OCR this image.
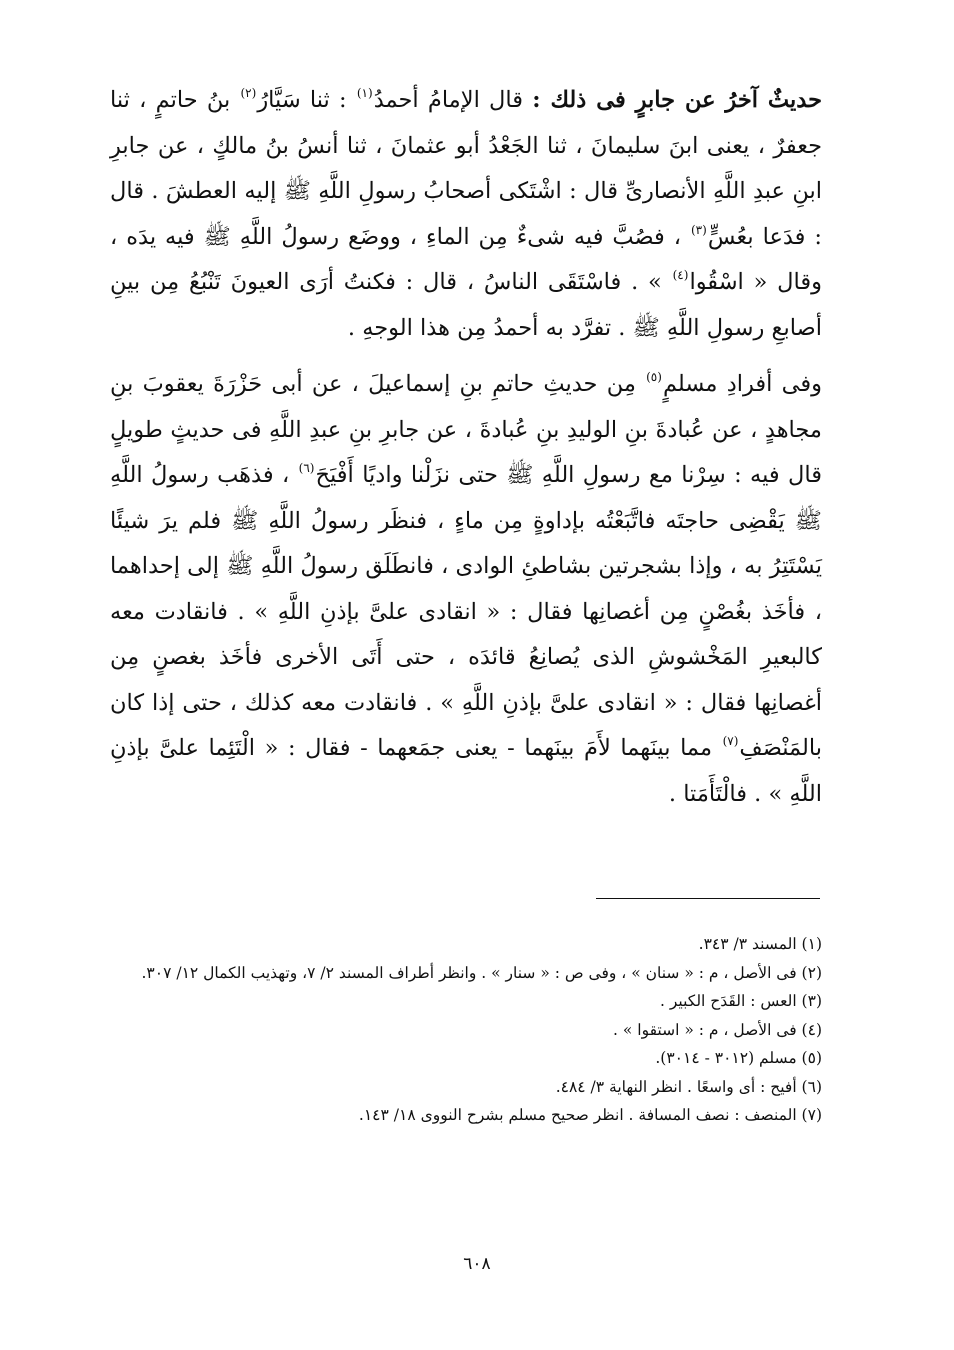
حديثٌ آخرُ عن جابرٍ فى ذلك : قال الإمامُ أحمدُ$^{(١)}$ : ثنا سَيَّارُ$^{(٢)}$ بنُ حاتمٍ ، ثنا جعفرٌ ، يعنى ابنَ سليمانَ ، ثنا الجَعْدُ أبو عثمانَ ، ثنا أنسُ بنُ مالكٍ ، عن جابرِ ابنِ عبدِ اللَّهِ الأنصارىِّ قال : اشْتَكى أصحابُ رسولِ اللَّهِ ﷺ إليه العطشَ . قال : فدَعا بعُسٍّ$^{(٣)}$ ، فصُبَّ فيه شىءٌ مِن الماءِ ، ووضَع رسولُ اللَّهِ ﷺ فيه يدَه ، وقال « اسْقُوا$^{(٤)}$ » . فاسْتَقَى الناسُ ، قال : فكنتُ أرَى العيونَ تَنْبُعُ مِن بينِ أصابعِ رسولِ اللَّهِ ﷺ . تفرَّد به أحمدُ مِن هذا الوجهِ .

وفى أفرادِ مسلمٍ$^{(٥)}$ مِن حديثِ حاتمِ بنِ إسماعيلَ ، عن أبى حَزْرَةَ يعقوبَ بنِ مجاهدٍ ، عن عُبادةَ بنِ الوليدِ بنِ عُبادةَ ، عن جابرِ بنِ عبدِ اللَّهِ فى حديثٍ طويلٍ قال فيه : سِرْنا مع رسولِ اللَّهِ ﷺ حتى نزَلْنا واديًا أَفْيَحَ$^{(٦)}$ ، فذهَب رسولُ اللَّهِ ﷺ يَقْضِى حاجتَه فاتَّبَعْتُه بإداوةٍ مِن ماءٍ ، فنظَر رسولُ اللَّهِ ﷺ فلم يرَ شيئًا يَسْتَتِرُ به ، وإذا بشجرتين بشاطئِ الوادى ، فانطَلَق رسولُ اللَّهِ ﷺ إلى إحداهما ، فأخَذ بغُصْنٍ مِن أغصانِها فقال : « انقادى علىَّ بإذنِ اللَّهِ » . فانقادت معه كالبعيرِ المَخْشوشِ الذى يُصانِعُ قائدَه ، حتى أَتَى الأخرى فأخَذ بغصنٍ مِن أغصانِها فقال : « انقادى علىَّ بإذنِ اللَّهِ » . فانقادت معه كذلك ، حتى إذا كان بالمَنْصَفِ$^{(٧)}$ مما بينَهما لأَمَ بينَهما - يعنى جمَعهما - فقال : « الْتَئِما علىَّ بإذنِ اللَّهِ » . فالْتَأَمَتا .

(١) المسند ٣/ ٣٤٣.

(٢) فى الأصل ، م : « سنان » ، وفى ص : « سنار » . وانظر أطراف المسند ٢/ ٧، وتهذيب الكمال ١٢/ ٣٠٧.

(٣) العس : القَدَح الكبير .

(٤) فى الأصل ، م : « استقوا » .

(٥) مسلم (٣٠١٢ - ٣٠١٤).

(٦) أفيح : أى واسعًا . انظر النهاية ٣/ ٤٨٤.

(٧) المنصف : نصف المسافة . انظر صحيح مسلم بشرح النووى ١٨/ ١٤٣.

٦٠٨
